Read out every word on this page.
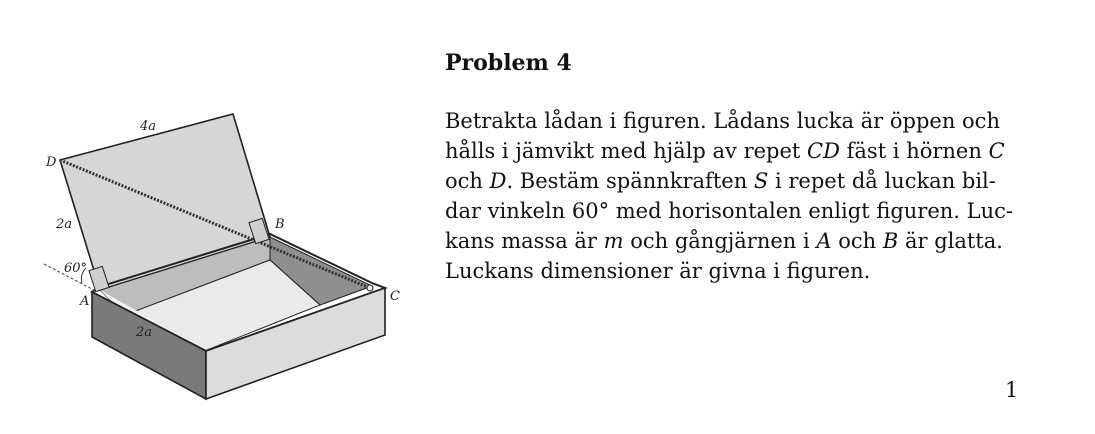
4a
D
2a
60°
A
B
C
2a
Problem 4

Betrakta lådan i figuren. Lådans lucka är öppen och
hålls i jämvikt med hjälp av repet CD fäst i hörnen C
och D. Bestäm spännkraften S i repet då luckan bil-
dar vinkeln 60° med horisontalen enligt figuren. Luc-
kans massa är m och gångjärnen i A och B är glatta.
Luckans dimensioner är givna i figuren.

1
